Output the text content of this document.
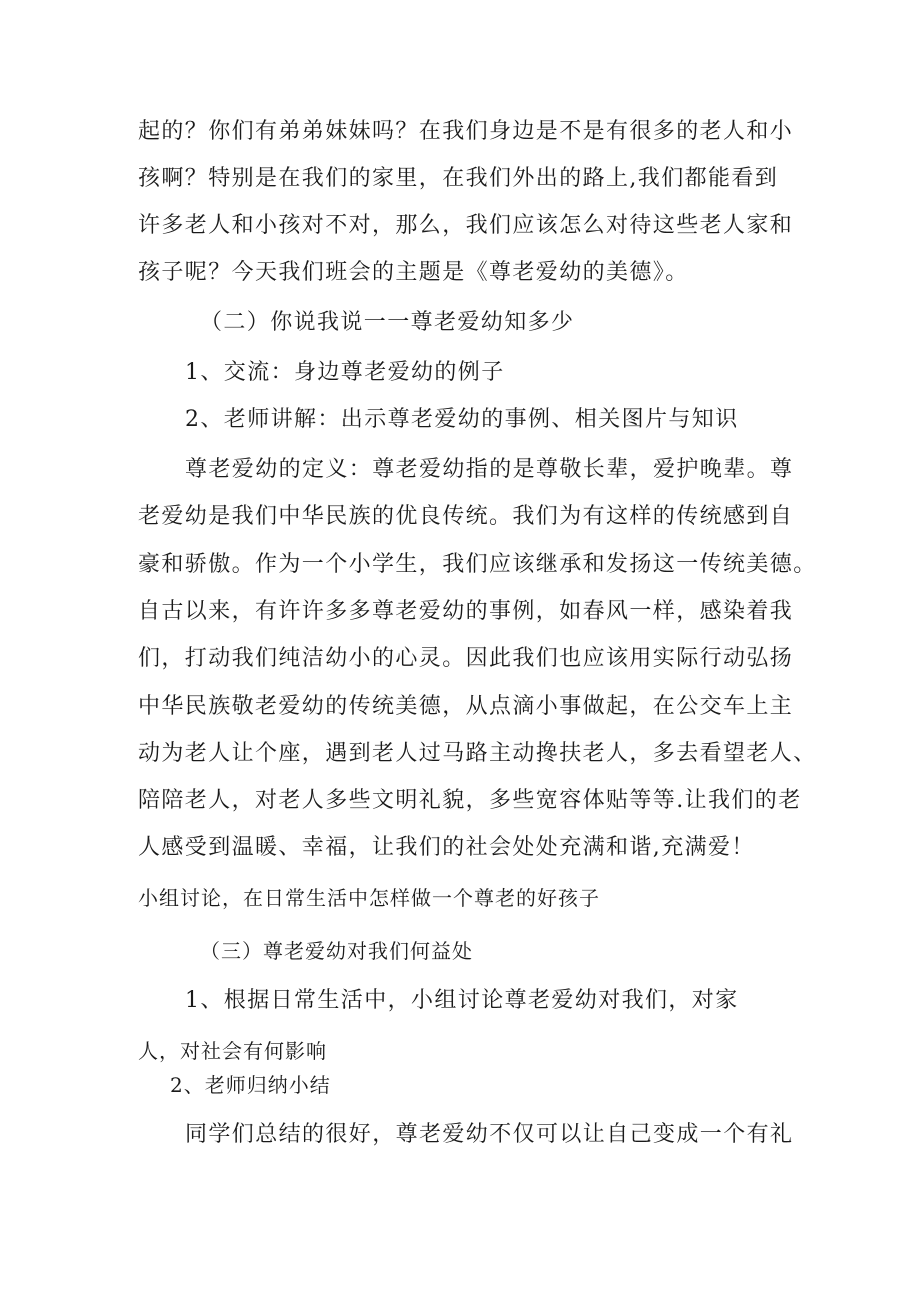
起的？你们有弟弟妹妹吗？在我们身边是不是有很多的老人和小
孩啊？特别是在我们的家里，在我们外出的路上,我们都能看到
许多老人和小孩对不对，那么，我们应该怎么对待这些老人家和
孩子呢？今天我们班会的主题是《尊老爱幼的美德》。
（二）你说我说一一尊老爱幼知多少
1、交流：身边尊老爱幼的例子
2、老师讲解：出示尊老爱幼的事例、相关图片与知识
尊老爱幼的定义：尊老爱幼指的是尊敬长辈，爱护晚辈。尊
老爱幼是我们中华民族的优良传统。我们为有这样的传统感到自
豪和骄傲。作为一个小学生，我们应该继承和发扬这一传统美德。
自古以来，有许许多多尊老爱幼的事例，如春风一样，感染着我
们，打动我们纯洁幼小的心灵。因此我们也应该用实际行动弘扬
中华民族敬老爱幼的传统美德，从点滴小事做起，在公交车上主
动为老人让个座，遇到老人过马路主动搀扶老人，多去看望老人、
陪陪老人，对老人多些文明礼貌，多些宽容体贴等等.让我们的老
人感受到温暖、幸福，让我们的社会处处充满和谐,充满爱！
小组讨论，在日常生活中怎样做一个尊老的好孩子
（三）尊老爱幼对我们何益处
1、根据日常生活中，小组讨论尊老爱幼对我们，对家
人，对社会有何影响
2、老师归纳小结
同学们总结的很好，尊老爱幼不仅可以让自己变成一个有礼
